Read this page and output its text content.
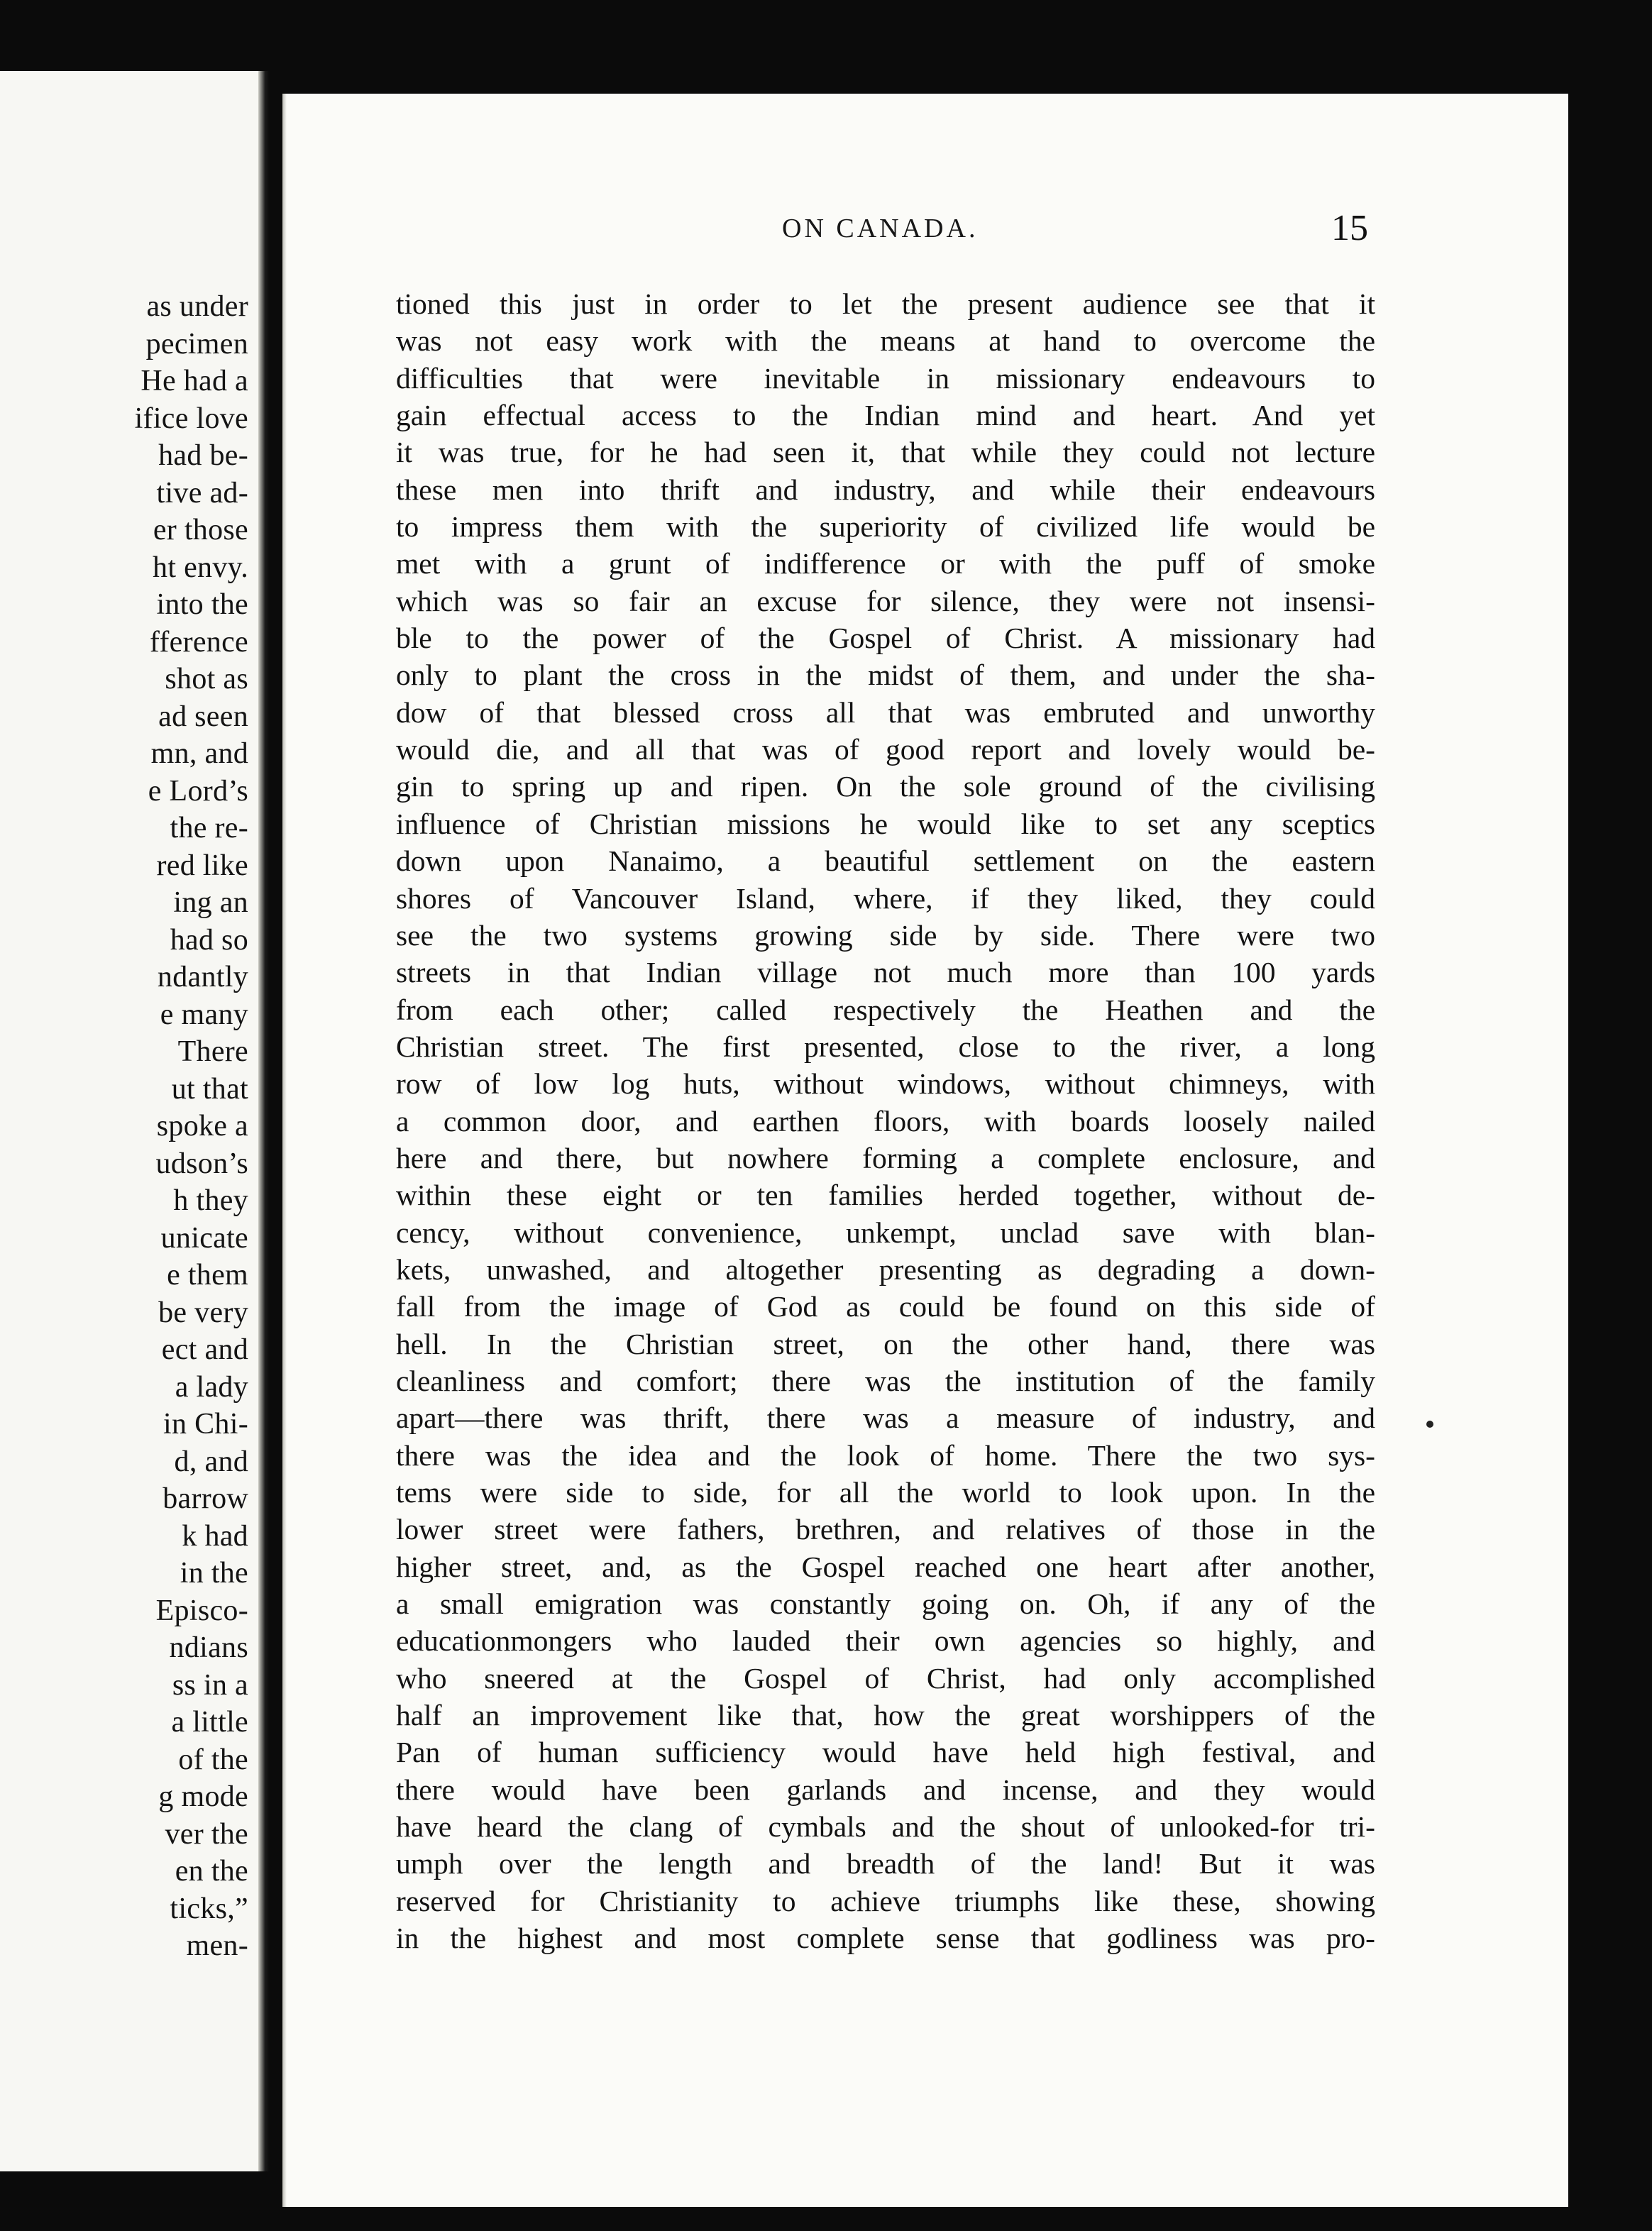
as under
pecimen
He had a
ifice love
had be-
tive ad-
er those
ht envy.
into the
fference
shot as
ad seen
mn, and
e Lord’s
the re-
red like
ing an
had so
ndantly
e many
There
ut that
spoke a
udson’s
h they
unicate
e them
be very
ect and
a lady
in Chi-
d, and
barrow
k had
in the
Episco-
ndians
ss in a
a little
of the
g mode
ver the
en the
ticks,”
men-
ON CANADA.	15
tioned this just in order to let the present audience see that it
was not easy work with the means at hand to overcome the
difficulties that were inevitable in missionary endeavours to
gain effectual access to the Indian mind and heart. And yet
it was true, for he had seen it, that while they could not lecture
these men into thrift and industry, and while their endeavours
to impress them with the superiority of civilized life would be
met with a grunt of indifference or with the puff of smoke
which was so fair an excuse for silence, they were not insensi-
ble to the power of the Gospel of Christ. A missionary had
only to plant the cross in the midst of them, and under the sha-
dow of that blessed cross all that was embruted and unworthy
would die, and all that was of good report and lovely would be-
gin to spring up and ripen. On the sole ground of the civilising
influence of Christian missions he would like to set any sceptics
down upon Nanaimo, a beautiful settlement on the eastern
shores of Vancouver Island, where, if they liked, they could
see the two systems growing side by side. There were two
streets in that Indian village not much more than 100 yards
from each other; called respectively the Heathen and the
Christian street. The first presented, close to the river, a long
row of low log huts, without windows, without chimneys, with
a common door, and earthen floors, with boards loosely nailed
here and there, but nowhere forming a complete enclosure, and
within these eight or ten families herded together, without de-
cency, without convenience, unkempt, unclad save with blan-
kets, unwashed, and altogether presenting as degrading a down-
fall from the image of God as could be found on this side of
hell. In the Christian street, on the other hand, there was
cleanliness and comfort; there was the institution of the family
apart—there was thrift, there was a measure of industry, and
there was the idea and the look of home. There the two sys-
tems were side to side, for all the world to look upon. In the
lower street were fathers, brethren, and relatives of those in the
higher street, and, as the Gospel reached one heart after another,
a small emigration was constantly going on. Oh, if any of the
educationmongers who lauded their own agencies so highly, and
who sneered at the Gospel of Christ, had only accomplished
half an improvement like that, how the great worshippers of the
Pan of human sufficiency would have held high festival, and
there would have been garlands and incense, and they would
have heard the clang of cymbals and the shout of unlooked-for tri-
umph over the length and breadth of the land! But it was
reserved for Christianity to achieve triumphs like these, showing
in the highest and most complete sense that godliness was pro-
